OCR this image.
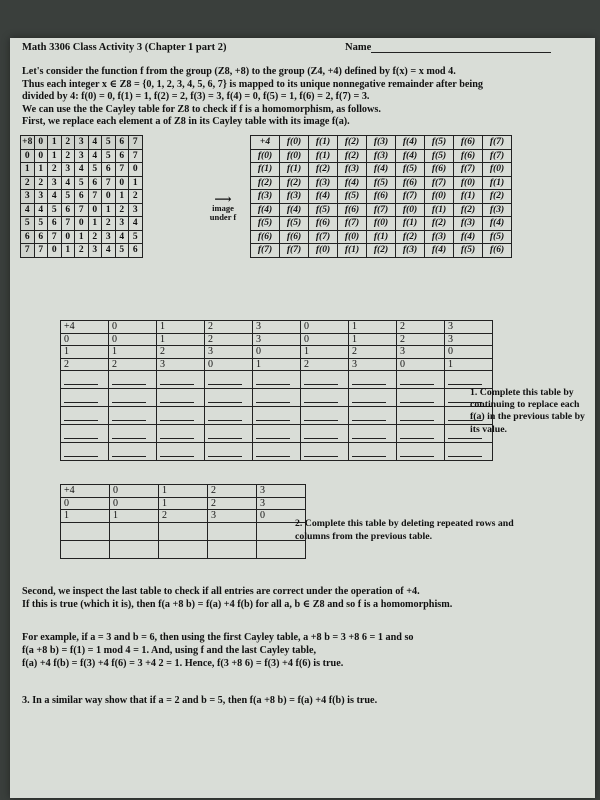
Math 3306 Class Activity 3 (Chapter 1 part 2)	Name

Let's consider the function f from the group (Z8, +8) to the group (Z4, +4) defined by f(x) = x mod 4.

Thus each integer x ∈ Z8 = {0, 1, 2, 3, 4, 5, 6, 7} is mapped to its unique nonnegative remainder after being

divided by 4: f(0) = 0, f(1) = 1, f(2) = 2, f(3) = 3, f(4) = 0, f(5) = 1, f(6) = 2, f(7) = 3.

We can use the the Cayley table for Z8 to check if f is a homomorphism, as follows.

First, we replace each element a of Z8 in its Cayley table with its image f(a).

+8	0	1	2	3	4	5	6	7
0	0	1	2	3	4	5	6	7
1	1	2	3	4	5	6	7	0
2	2	3	4	5	6	7	0	1
3	3	4	5	6	7	0	1	2
4	4	5	6	7	0	1	2	3
5	5	6	7	0	1	2	3	4
6	6	7	0	1	2	3	4	5
7	7	0	1	2	3	4	5	6
⟶
image
under f
+4	f(0)	f(1)	f(2)	f(3)	f(4)	f(5)	f(6)	f(7)
f(0)	f(0)	f(1)	f(2)	f(3)	f(4)	f(5)	f(6)	f(7)
f(1)	f(1)	f(2)	f(3)	f(4)	f(5)	f(6)	f(7)	f(0)
f(2)	f(2)	f(3)	f(4)	f(5)	f(6)	f(7)	f(0)	f(1)
f(3)	f(3)	f(4)	f(5)	f(6)	f(7)	f(0)	f(1)	f(2)
f(4)	f(4)	f(5)	f(6)	f(7)	f(0)	f(1)	f(2)	f(3)
f(5)	f(5)	f(6)	f(7)	f(0)	f(1)	f(2)	f(3)	f(4)
f(6)	f(6)	f(7)	f(0)	f(1)	f(2)	f(3)	f(4)	f(5)
f(7)	f(7)	f(0)	f(1)	f(2)	f(3)	f(4)	f(5)	f(6)
+4	0	1	2	3	0	1	2	3
0	0	1	2	3	0	1	2	3
1	1	2	3	0	1	2	3	0
2	2	3	0	1	2	3	0	1

1. Complete this table by continuing to replace each f(a) in the previous table by its value.
+4	0	1	2	3
0	0	1	2	3
1	1	2	3	0

2. Complete this table by deleting repeated rows and columns from the previous table.

Second, we inspect the last table to check if all entries are correct under the operation of +4.

If this is true (which it is), then f(a +8 b) = f(a) +4 f(b) for all a, b ∈ Z8 and so f is a homomorphism.

For example, if a = 3 and b = 6, then using the first Cayley table, a +8 b = 3 +8 6 = 1 and so

f(a +8 b) = f(1) = 1 mod 4 = 1. And, using f and the last Cayley table,

f(a) +4 f(b) = f(3) +4 f(6) = 3 +4 2 = 1. Hence, f(3 +8 6) = f(3) +4 f(6) is true.

3. In a similar way show that if a = 2 and b = 5, then f(a +8 b) = f(a) +4 f(b) is true.
